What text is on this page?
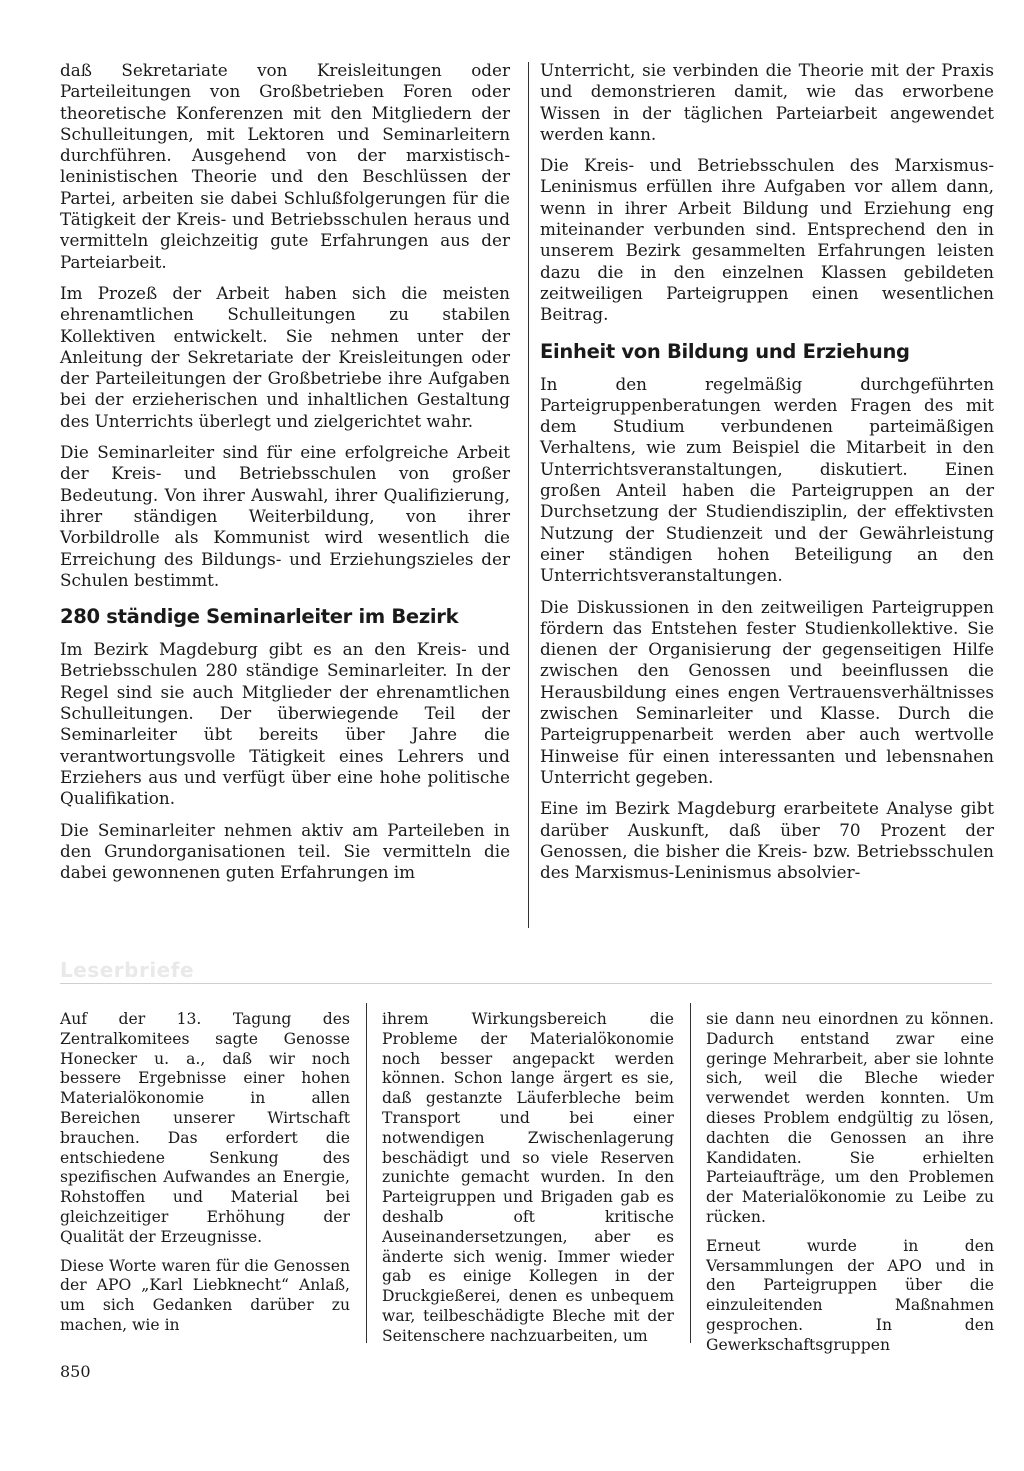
daß Sekretariate von Kreisleitungen oder Parteileitungen von Großbetrieben Foren oder theoretische Konferenzen mit den Mitgliedern der Schulleitungen, mit Lektoren und Seminarleitern durchführen. Ausgehend von der marxistisch-leninistischen Theorie und den Beschlüssen der Partei, arbeiten sie dabei Schlußfolgerungen für die Tätigkeit der Kreis- und Betriebsschulen heraus und vermitteln gleichzeitig gute Erfahrungen aus der Parteiarbeit.

Im Prozeß der Arbeit haben sich die meisten ehrenamtlichen Schulleitungen zu stabilen Kollektiven entwickelt. Sie nehmen unter der Anleitung der Sekretariate der Kreisleitungen oder der Parteileitungen der Großbetriebe ihre Aufgaben bei der erzieherischen und inhaltlichen Gestaltung des Unterrichts überlegt und zielgerichtet wahr.

Die Seminarleiter sind für eine erfolgreiche Arbeit der Kreis- und Betriebsschulen von großer Bedeutung. Von ihrer Auswahl, ihrer Qualifizierung, ihrer ständigen Weiterbildung, von ihrer Vorbildrolle als Kommunist wird wesentlich die Erreichung des Bildungs- und Erziehungszieles der Schulen bestimmt.

280 ständige Seminarleiter im Bezirk

Im Bezirk Magdeburg gibt es an den Kreis- und Betriebsschulen 280 ständige Seminarleiter. In der Regel sind sie auch Mitglieder der ehrenamtlichen Schulleitungen. Der überwiegende Teil der Seminarleiter übt bereits über Jahre die verantwortungsvolle Tätigkeit eines Lehrers und Erziehers aus und verfügt über eine hohe politische Qualifikation.

Die Seminarleiter nehmen aktiv am Parteileben in den Grundorganisationen teil. Sie vermitteln die dabei gewonnenen guten Erfahrungen im

Unterricht, sie verbinden die Theorie mit der Praxis und demonstrieren damit, wie das erworbene Wissen in der täglichen Parteiarbeit angewendet werden kann.

Die Kreis- und Betriebsschulen des Marxismus-Leninismus erfüllen ihre Aufgaben vor allem dann, wenn in ihrer Arbeit Bildung und Erziehung eng miteinander verbunden sind. Entsprechend den in unserem Bezirk gesammelten Erfahrungen leisten dazu die in den einzelnen Klassen gebildeten zeitweiligen Parteigruppen einen wesentlichen Beitrag.

Einheit von Bildung und Erziehung

In den regelmäßig durchgeführten Parteigruppenberatungen werden Fragen des mit dem Studium verbundenen parteimäßigen Verhaltens, wie zum Beispiel die Mitarbeit in den Unterrichtsveranstaltungen, diskutiert. Einen großen Anteil haben die Parteigruppen an der Durchsetzung der Studiendisziplin, der effektivsten Nutzung der Studienzeit und der Gewährleistung einer ständigen hohen Beteiligung an den Unterrichtsveranstaltungen.

Die Diskussionen in den zeitweiligen Parteigruppen fördern das Entstehen fester Studienkollektive. Sie dienen der Organisierung der gegenseitigen Hilfe zwischen den Genossen und beeinflussen die Herausbildung eines engen Vertrauensverhältnisses zwischen Seminarleiter und Klasse. Durch die Parteigruppenarbeit werden aber auch wertvolle Hinweise für einen interessanten und lebensnahen Unterricht gegeben.

Eine im Bezirk Magdeburg erarbeitete Analyse gibt darüber Auskunft, daß über 70 Prozent der Genossen, die bisher die Kreis- bzw. Betriebsschulen des Marxismus-Leninismus absolvier-

Leserbriefe

Auf der 13. Tagung des Zentralkomitees sagte Genosse Honecker u. a., daß wir noch bessere Ergebnisse einer hohen Materialökonomie in allen Bereichen unserer Wirtschaft brauchen. Das erfordert die entschiedene Senkung des spezifischen Aufwandes an Energie, Rohstoffen und Material bei gleichzeitiger Erhöhung der Qualität der Erzeugnisse.

Diese Worte waren für die Genossen der APO „Karl Liebknecht“ Anlaß, um sich Gedanken darüber zu machen, wie in

ihrem Wirkungsbereich die Probleme der Materialökonomie noch besser angepackt werden können. Schon lange ärgert es sie, daß gestanzte Läuferbleche beim Transport und bei einer notwendigen Zwischenlagerung beschädigt und so viele Reserven zunichte gemacht wurden. In den Parteigruppen und Brigaden gab es deshalb oft kritische Auseinandersetzungen, aber es änderte sich wenig. Immer wieder gab es einige Kollegen in der Druckgießerei, denen es unbequem war, teilbeschädigte Bleche mit der Seitenschere nachzuarbeiten, um

sie dann neu einordnen zu können. Dadurch entstand zwar eine geringe Mehrarbeit, aber sie lohnte sich, weil die Bleche wieder verwendet werden konnten. Um dieses Problem endgültig zu lösen, dachten die Genossen an ihre Kandidaten. Sie erhielten Parteiaufträge, um den Problemen der Materialökonomie zu Leibe zu rücken.

Erneut wurde in den Versammlungen der APO und in den Parteigruppen über die einzuleitenden Maßnahmen gesprochen. In den Gewerkschaftsgruppen

850
